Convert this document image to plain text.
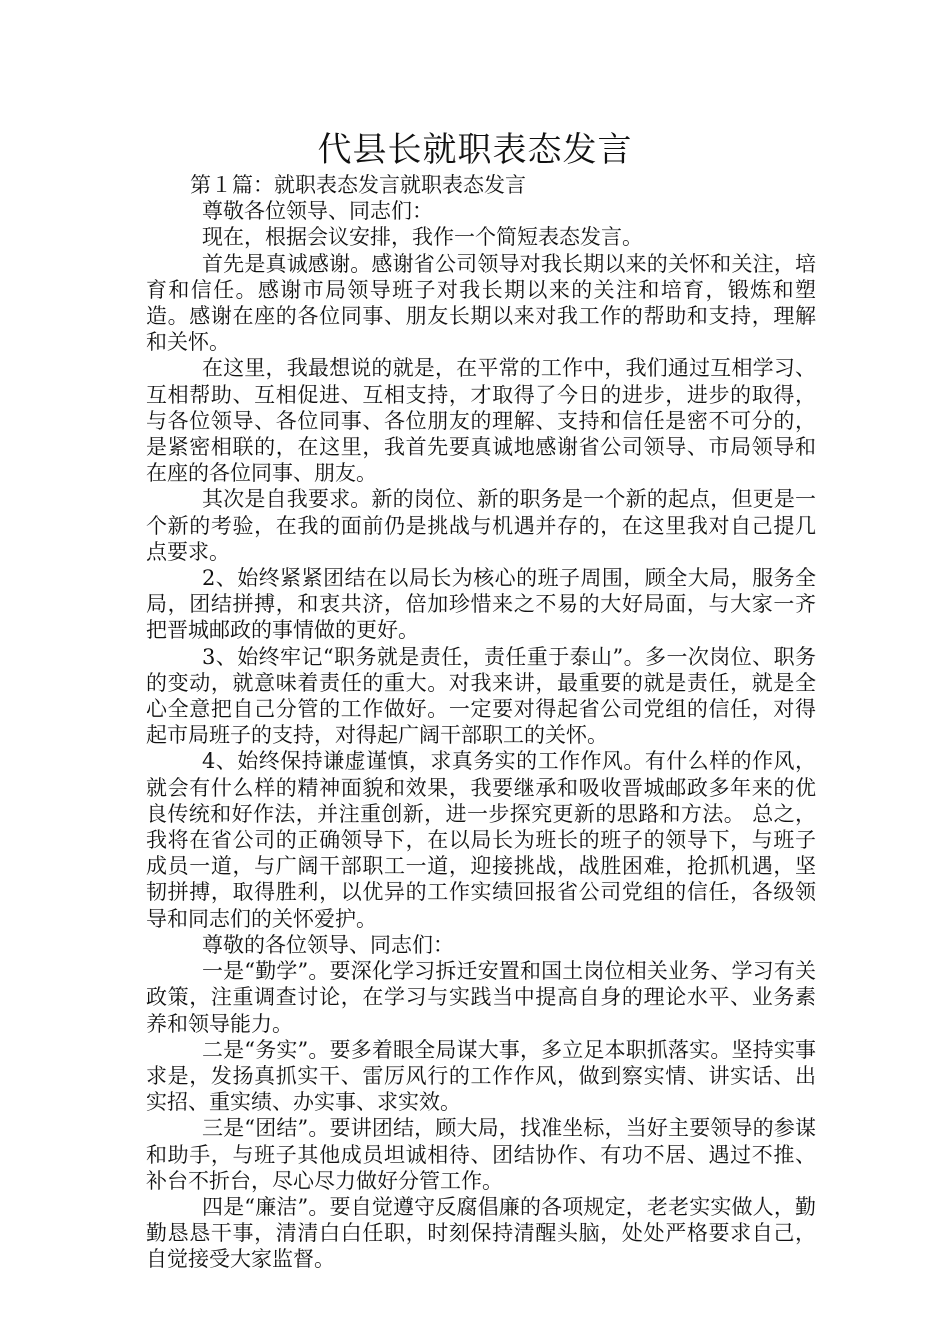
代县长就职表态发言

第１篇：就职表态发言就职表态发言

尊敬各位领导、同志们：

现在，根据会议安排，我作一个简短表态发言。

首先是真诚感谢。感谢省公司领导对我长期以来的关怀和关注，培育和信任。感谢市局领导班子对我长期以来的关注和培育，锻炼和塑造。感谢在座的各位同事、朋友长期以来对我工作的帮助和支持，理解和关怀。

在这里，我最想说的就是，在平常的工作中，我们通过互相学习、互相帮助、互相促进、互相支持，才取得了今日的进步，进步的取得，与各位领导、各位同事、各位朋友的理解、支持和信任是密不可分的，是紧密相联的，在这里，我首先要真诚地感谢省公司领导、市局领导和在座的各位同事、朋友。

其次是自我要求。新的岗位、新的职务是一个新的起点，但更是一个新的考验，在我的面前仍是挑战与机遇并存的，在这里我对自己提几点要求。

2、始终紧紧团结在以局长为核心的班子周围，顾全大局，服务全局，团结拼搏，和衷共济，倍加珍惜来之不易的大好局面，与大家一齐把晋城邮政的事情做的更好。

3、始终牢记“职务就是责任，责任重于泰山”。多一次岗位、职务的变动，就意味着责任的重大。对我来讲，最重要的就是责任，就是全心全意把自己分管的工作做好。一定要对得起省公司党组的信任，对得起市局班子的支持，对得起广阔干部职工的关怀。

4、始终保持谦虚谨慎，求真务实的工作作风。有什么样的作风，就会有什么样的精神面貌和效果，我要继承和吸收晋城邮政多年来的优良传统和好作法，并注重创新，进一步探究更新的思路和方法。 总之，我将在省公司的正确领导下，在以局长为班长的班子的领导下，与班子成员一道，与广阔干部职工一道，迎接挑战，战胜困难，抢抓机遇，坚韧拼搏，取得胜利，以优异的工作实绩回报省公司党组的信任，各级领导和同志们的关怀爱护。

尊敬的各位领导、同志们：

一是“勤学”。要深化学习拆迁安置和国土岗位相关业务、学习有关政策，注重调查讨论，在学习与实践当中提高自身的理论水平、业务素养和领导能力。

二是“务实”。要多着眼全局谋大事，多立足本职抓落实。坚持实事求是，发扬真抓实干、雷厉风行的工作作风，做到察实情、讲实话、出实招、重实绩、办实事、求实效。

三是“团结”。要讲团结，顾大局，找准坐标，当好主要领导的参谋和助手，与班子其他成员坦诚相待、团结协作、有功不居、遇过不推、补台不折台，尽心尽力做好分管工作。

四是“廉洁”。要自觉遵守反腐倡廉的各项规定，老老实实做人，勤勤恳恳干事，清清白白任职，时刻保持清醒头脑，处处严格要求自己，自觉接受大家监督。
